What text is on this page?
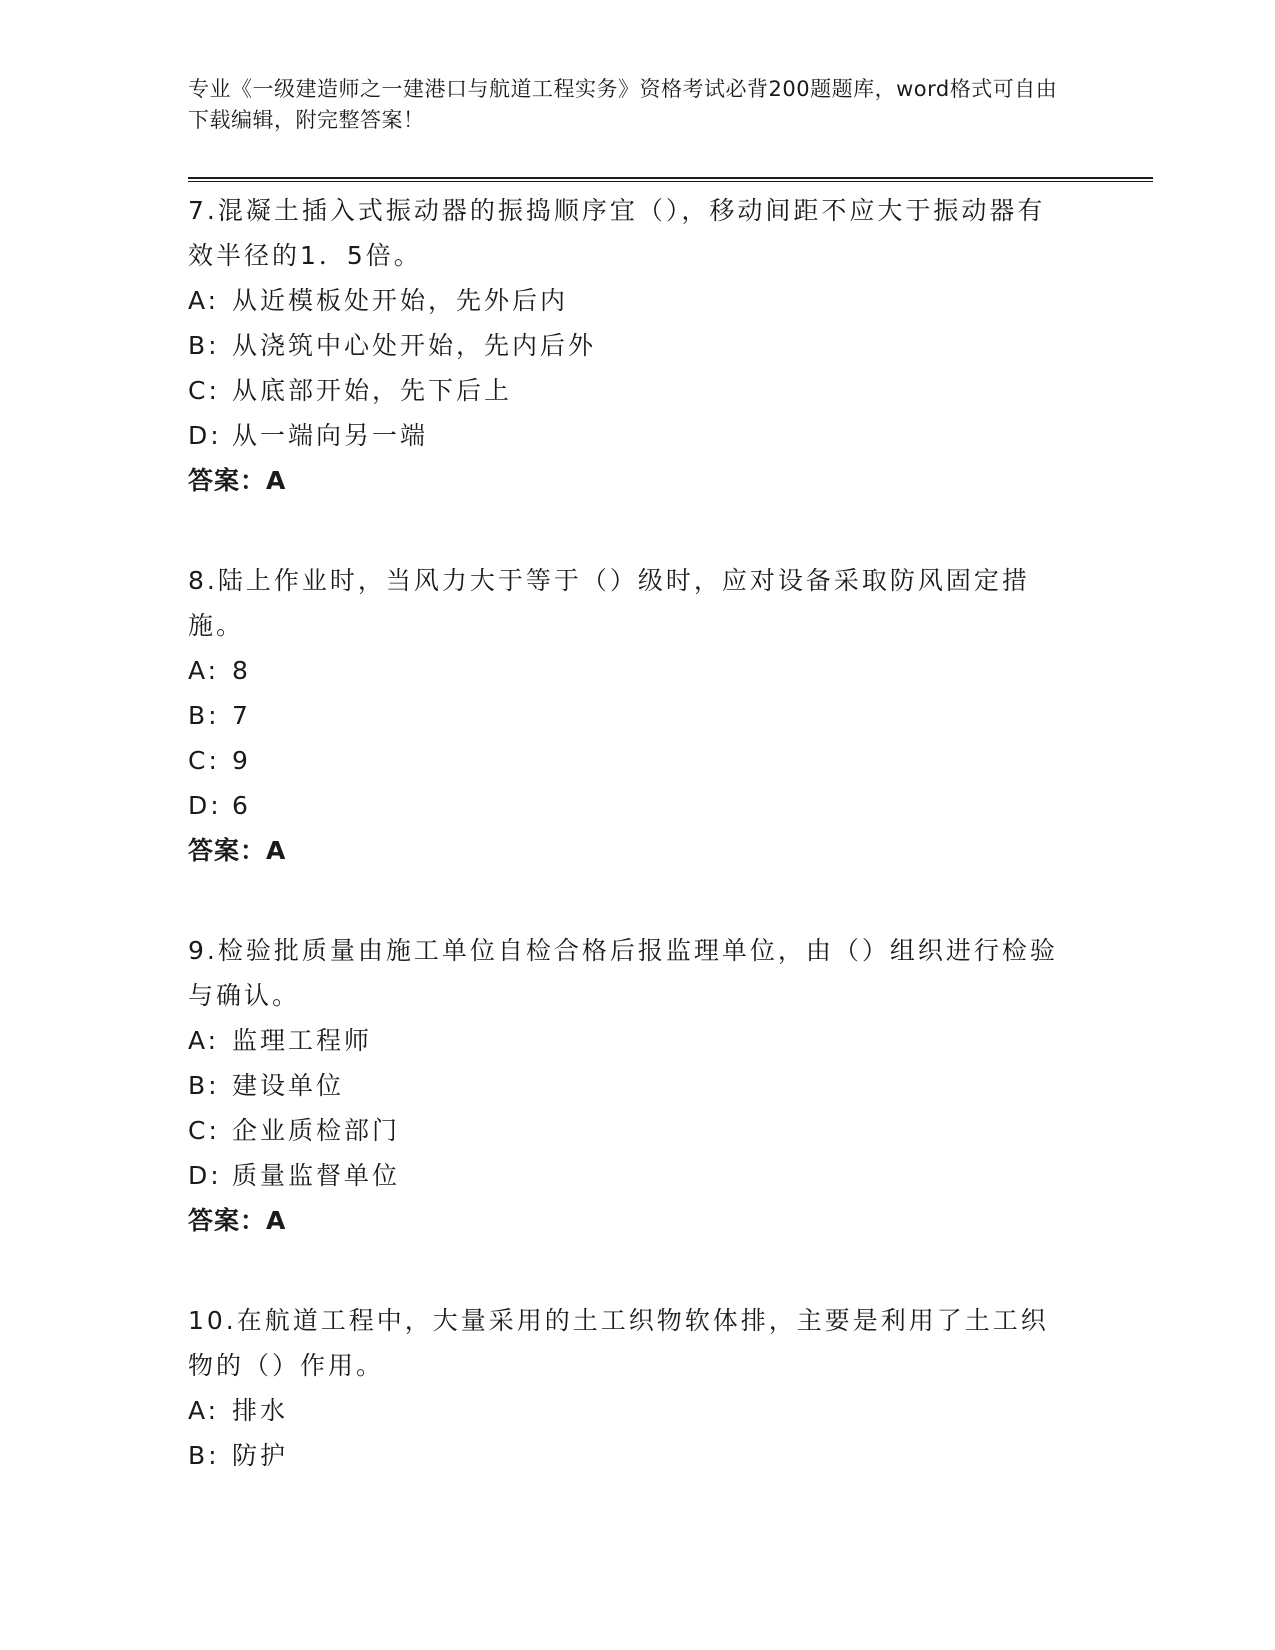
专业《一级建造师之一建港口与航道工程实务》资格考试必背200题题库，word格式可自由下载编辑，附完整答案！
7.混凝土插入式振动器的振捣顺序宜（），移动间距不应大于振动器有效半径的1．5倍。
A: 从近模板处开始，先外后内
B: 从浇筑中心处开始，先内后外
C: 从底部开始，先下后上
D: 从一端向另一端
答案：A
8.陆上作业时，当风力大于等于（）级时，应对设备采取防风固定措施。
A: 8
B: 7
C: 9
D: 6
答案：A
9.检验批质量由施工单位自检合格后报监理单位，由（）组织进行检验与确认。
A: 监理工程师
B: 建设单位
C: 企业质检部门
D: 质量监督单位
答案：A
10.在航道工程中，大量采用的土工织物软体排，主要是利用了土工织物的（）作用。
A: 排水
B: 防护
